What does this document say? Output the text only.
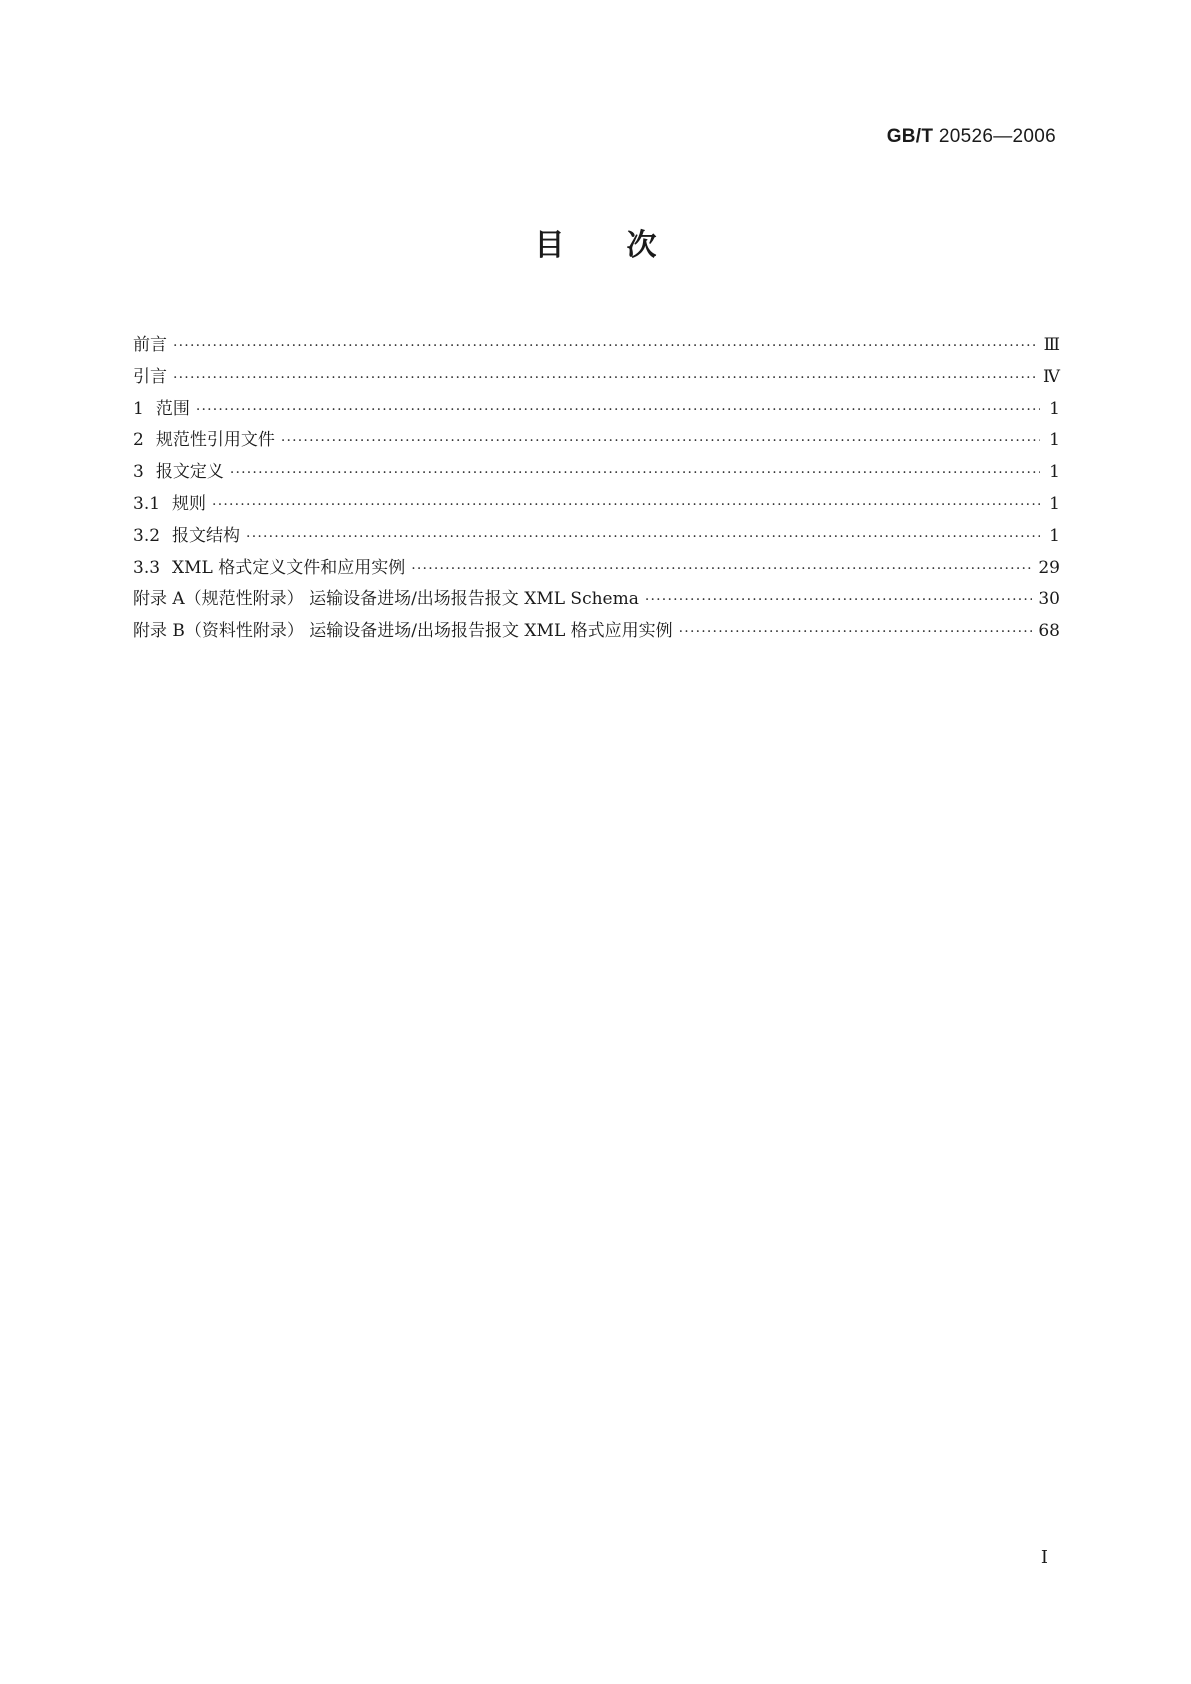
GB/T 20526—2006
目 次
前言 ·····	Ⅲ
引言 ·····	Ⅳ
1 范围 ·····	1
2 规范性引用文件 ·····	1
3 报文定义 ·····	1
3.1 规则 ·····	1
3.2 报文结构 ·····	1
3.3 XML 格式定义文件和应用实例 ·····	29
附录 A（规范性附录） 运输设备进场/出场报告报文 XML Schema ·····	30
附录 B（资料性附录） 运输设备进场/出场报告报文 XML 格式应用实例 ·····	68
I
